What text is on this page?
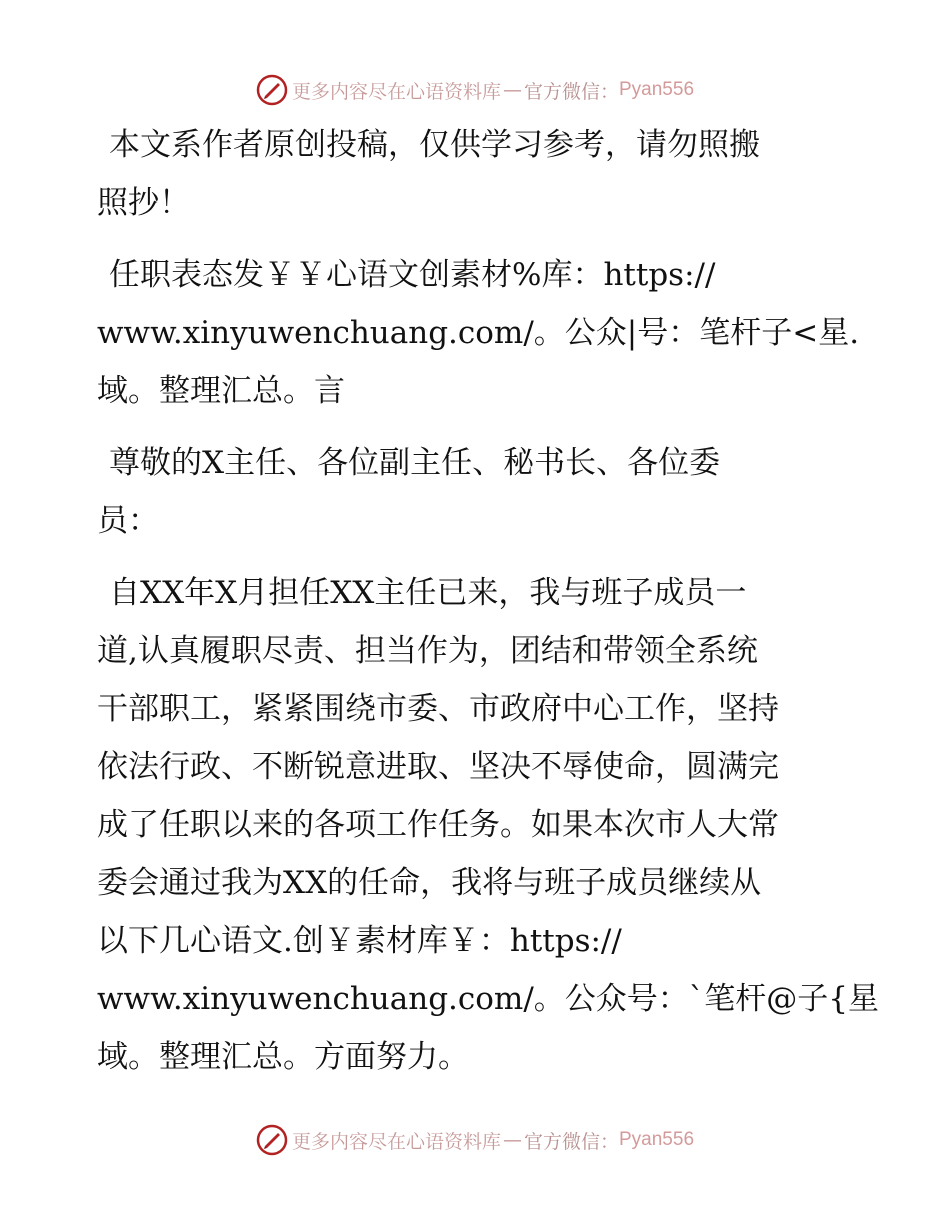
更多内容尽在心语资料库 — 官方微信： Pyan556
本文系作者原创投稿，仅供学习参考，请勿照搬
照抄！
任职表态发￥￥心语文创素材%库：https://
www.xinyuwenchuang.com/。公众|号：笔杆子<星.
域。整理汇总。言
尊敬的X主任、各位副主任、秘书长、各位委
员：
自XX年X月担任XX主任已来，我与班子成员一
道,认真履职尽责、担当作为，团结和带领全系统
干部职工，紧紧围绕市委、市政府中心工作，坚持
依法行政、不断锐意进取、坚决不辱使命，圆满完
成了任职以来的各项工作任务。如果本次市人大常
委会通过我为XX的任命，我将与班子成员继续从
以下几心语文.创￥素材库￥：https://
www.xinyuwenchuang.com/。公众号：`笔杆@子{星
域。整理汇总。方面努力。
更多内容尽在心语资料库 — 官方微信： Pyan556
